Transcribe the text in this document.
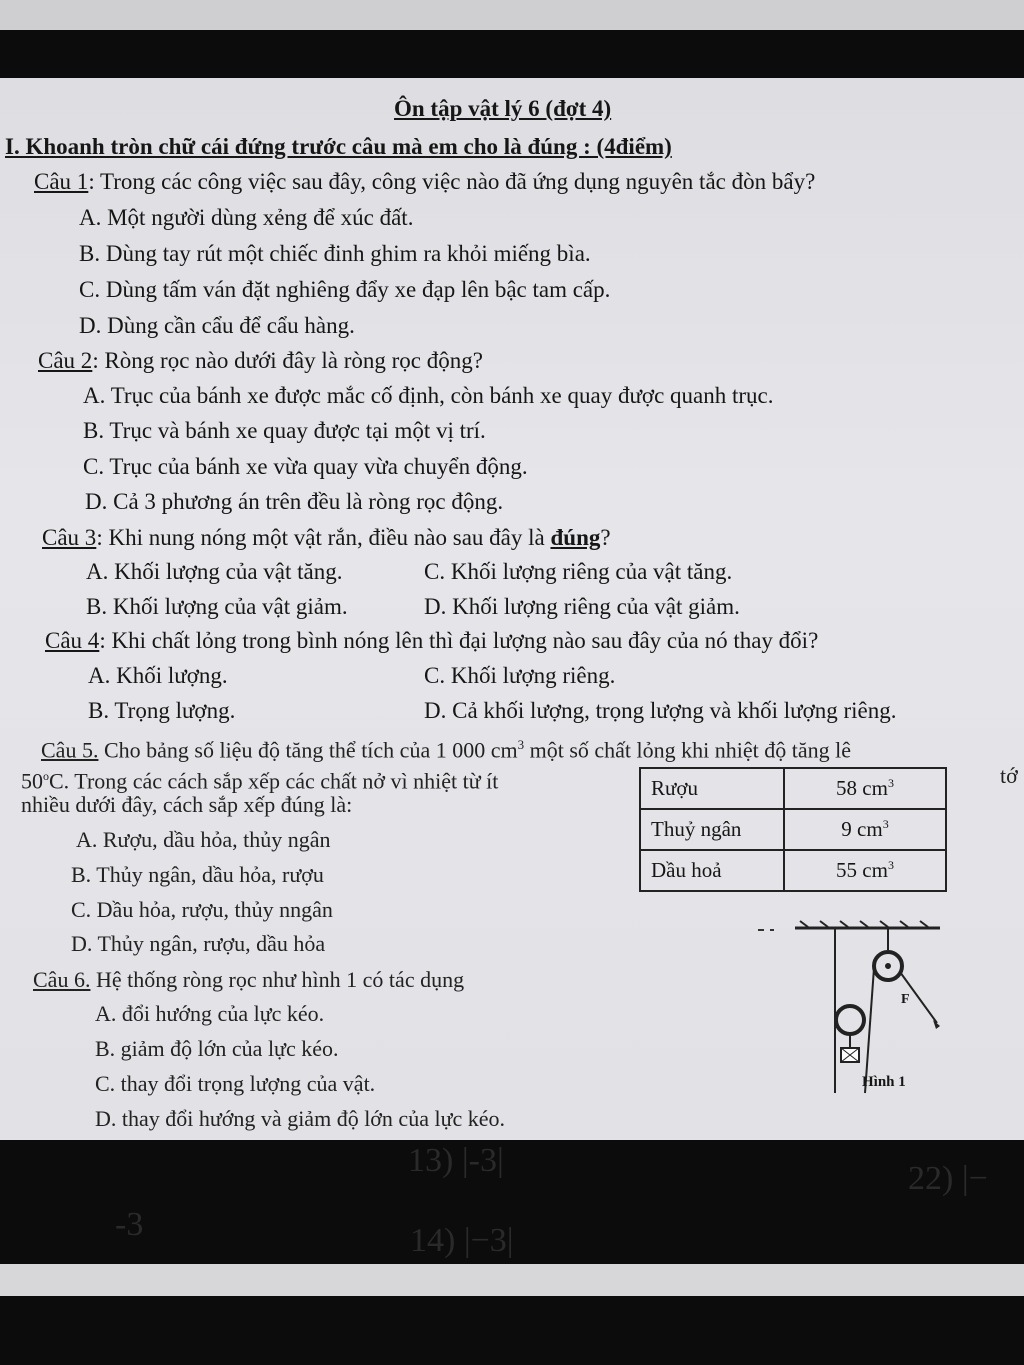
Ôn tập vật lý 6 (đợt 4)
I. Khoanh tròn chữ cái đứng trước câu mà em cho là đúng : (4điểm)
Câu 1: Trong các công việc sau đây, công việc nào đã ứng dụng nguyên tắc đòn bẩy?
A. Một người dùng xẻng để xúc đất.
B. Dùng tay rút một chiếc đinh ghim ra khỏi miếng bìa.
C. Dùng tấm ván đặt nghiêng đẩy xe đạp lên bậc tam cấp.
D. Dùng cần cẩu để cẩu hàng.
Câu 2: Ròng rọc nào dưới đây là ròng rọc động?
A. Trục của bánh xe được mắc cố định, còn bánh xe quay được quanh trục.
B. Trục và bánh xe quay được tại một vị trí.
C. Trục của bánh xe vừa quay vừa chuyển động.
D. Cả 3 phương án trên đều là ròng rọc động.
Câu 3: Khi nung nóng một vật rắn, điều nào sau đây là đúng?
A. Khối lượng của vật tăng.	C. Khối lượng riêng của vật tăng.
B. Khối lượng của vật giảm.	D. Khối lượng riêng của vật giảm.
Câu 4: Khi chất lỏng trong bình nóng lên thì đại lượng nào sau đây của nó thay đổi?
A. Khối lượng.	C. Khối lượng riêng.
B. Trọng lượng.	D. Cả khối lượng, trọng lượng và khối lượng riêng.
Câu 5. Cho bảng số liệu độ tăng thể tích của 1 000 $cm^3$ một số chất lỏng khi nhiệt độ tăng lê
50$^o$C. Trong các cách sắp xếp các chất nở vì nhiệt từ ít	tớ
nhiều dưới đây, cách sắp xếp đúng là:
Rượu	58 $cm^3$
Thuỷ ngân	9 $cm^3$
Dầu hoả	55 $cm^3$
A. Rượu, dầu hỏa, thủy ngân
B. Thủy ngân, dầu hỏa, rượu
C. Dầu hỏa, rượu, thủy nngân
D. Thủy ngân, rượu, dầu hỏa
Câu 6. Hệ thống ròng rọc như hình 1 có tác dụng
A. đổi hướng của lực kéo.
B. giảm độ lớn của lực kéo.
C. thay đổi trọng lượng của vật.
D. thay đổi hướng và giảm độ lớn của lực kéo.
F
Hình 1
13) |-3|	22) |−
-3	14) |−3|
